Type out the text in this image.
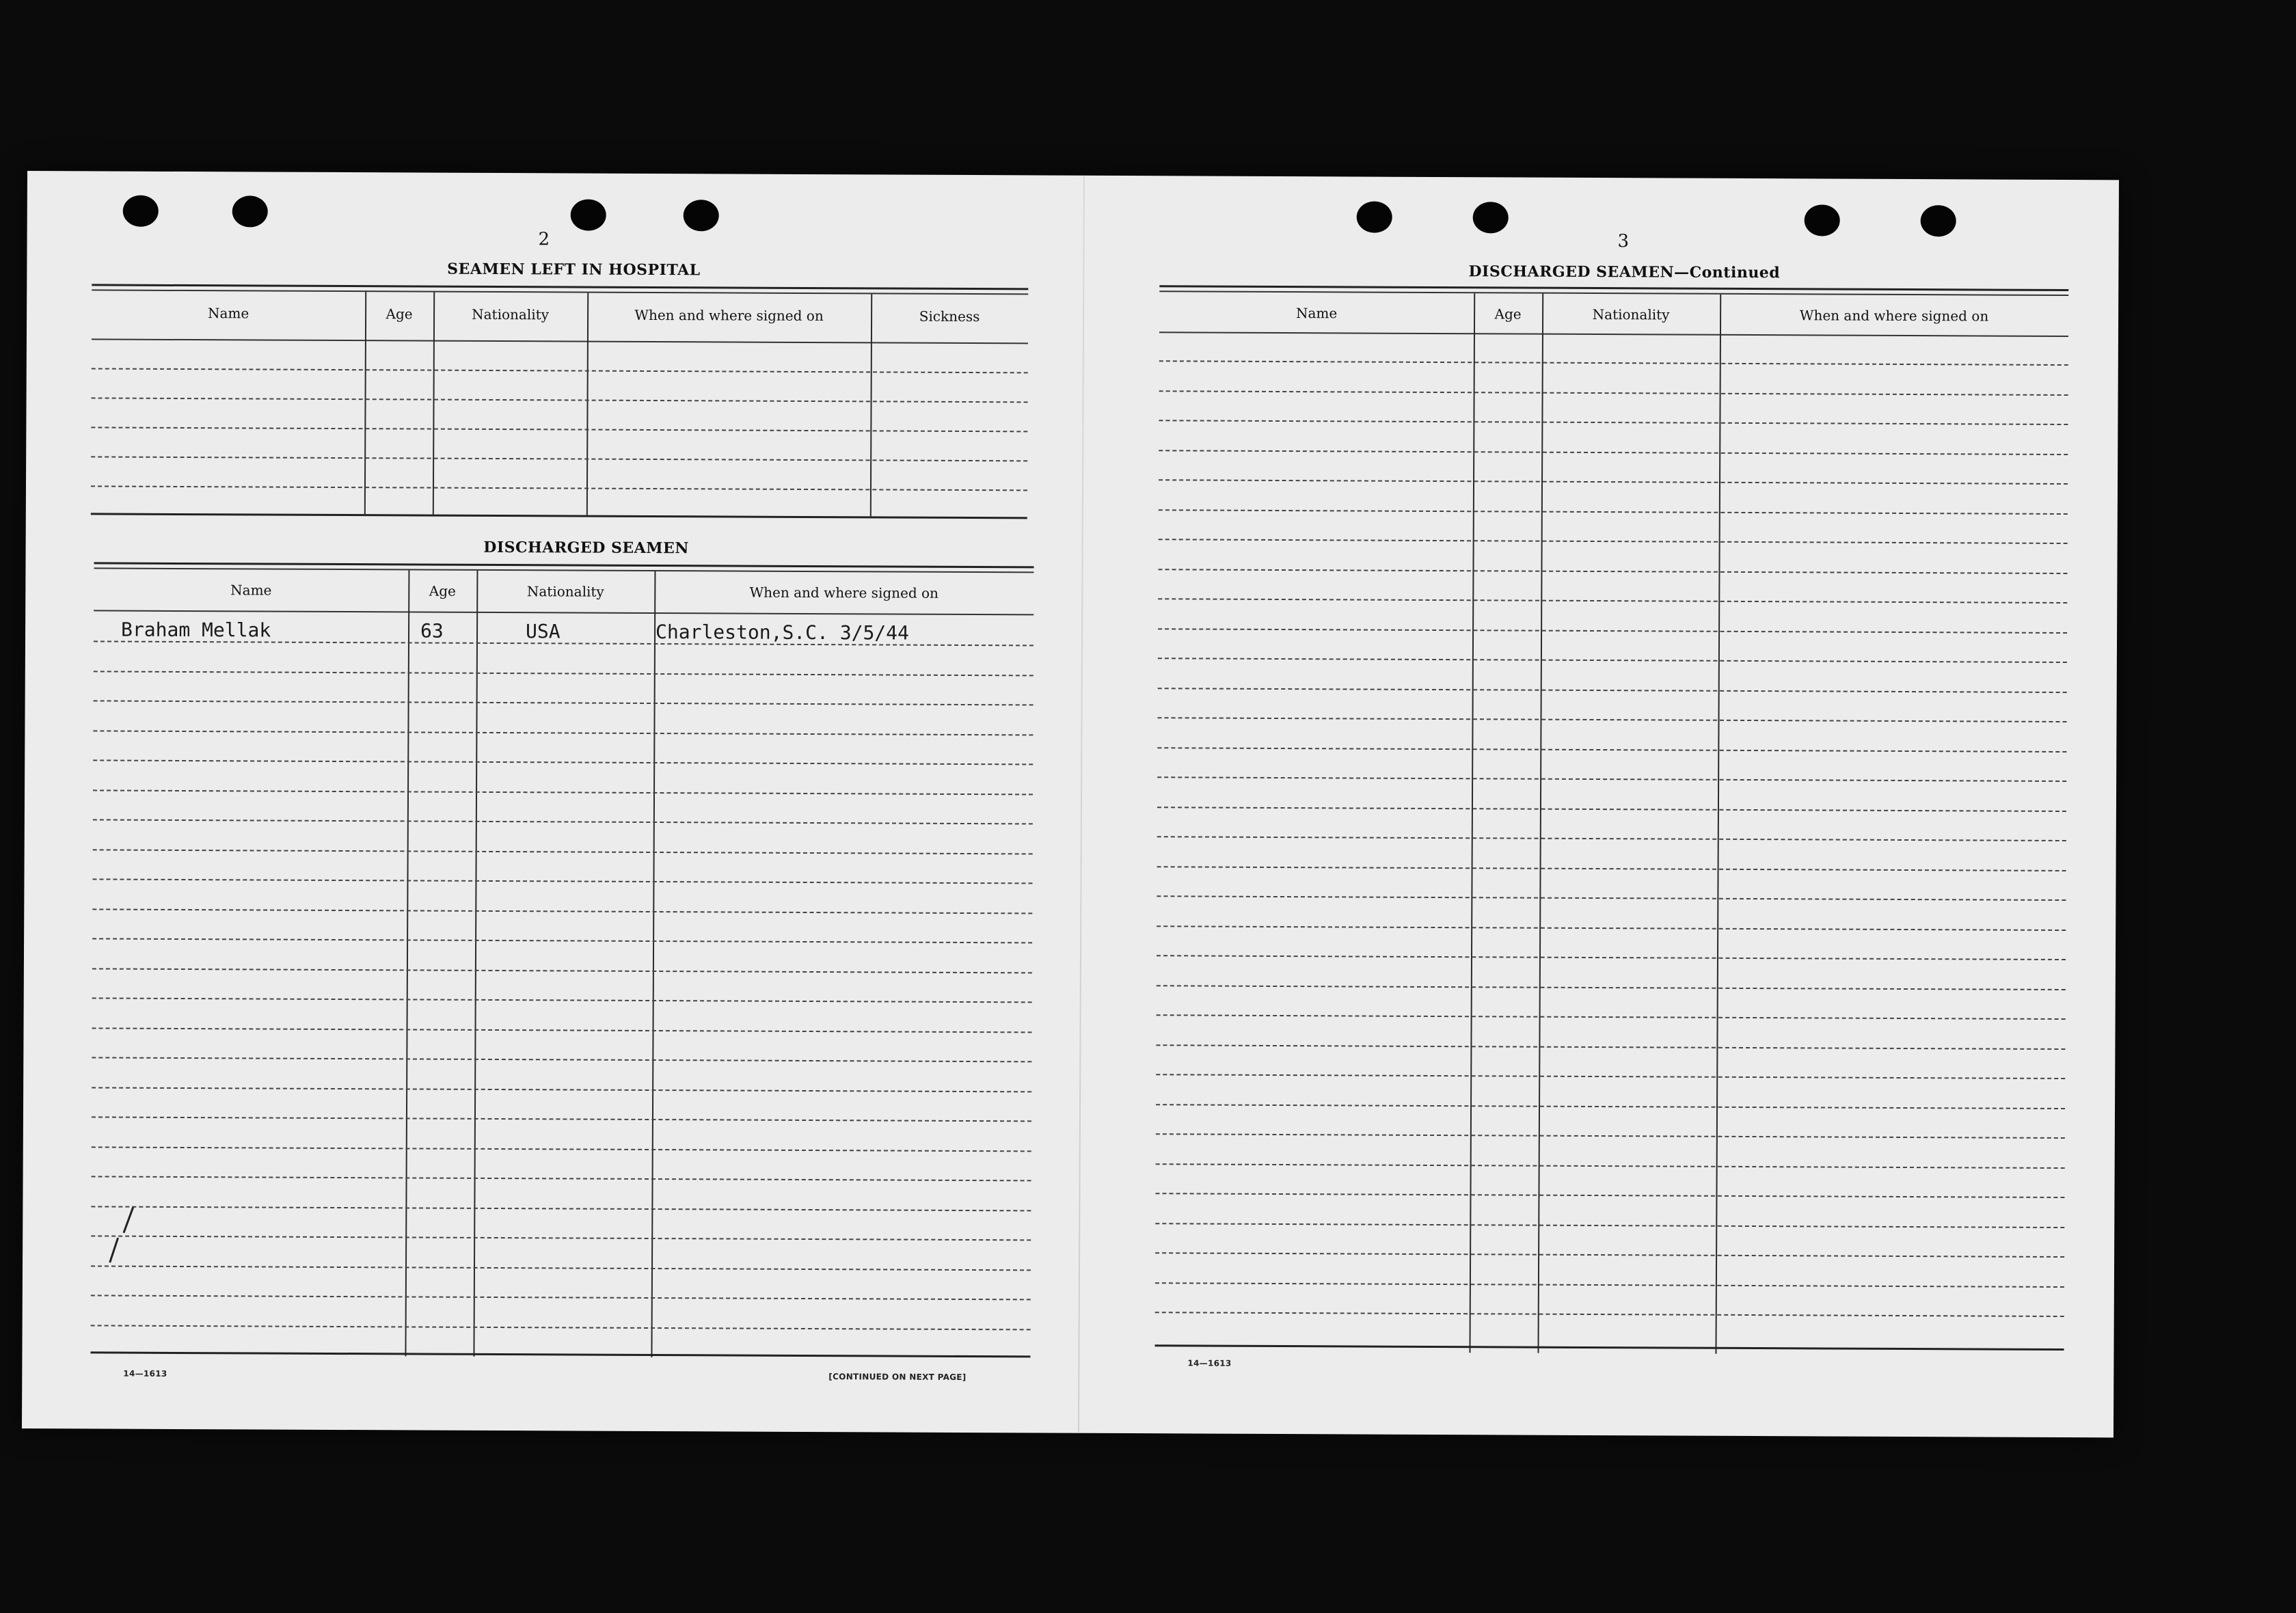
2
SEAMEN LEFT IN HOSPITAL
Name	Age	Nationality	When and where signed on	Sickness
DISCHARGED SEAMEN
Name	Age	Nationality	When and where signed on
Braham Mellak	63	USA	Charleston,S.C. 3/5/44
14—1613	[CONTINUED ON NEXT PAGE]
3
DISCHARGED SEAMEN—Continued
Name	Age	Nationality	When and where signed on
14—1613
